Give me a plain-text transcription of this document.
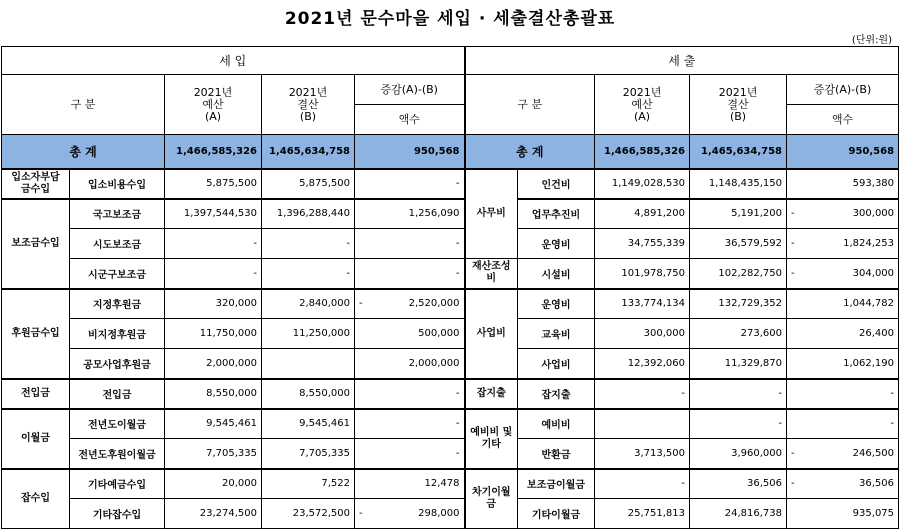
2021년 문수마을 세입 · 세출결산총괄표
(단위:원)
세 입					세 출				
구 분		2021년
예산
(A)	2021년
결산
(B)	증감(A)-(B)	구 분		2021년
예산
(A)	2021년
결산
(B)	증감(A)-(B)
				액수					액수
총 계		1,466,585,326	1,465,634,758	950,568	총 계		1,466,585,326	1,465,634,758	950,568
입소자부담 금수입	입소비용수입	5,875,500	5,875,500	-	사무비	인건비	1,149,028,530	1,148,435,150	593,380

보조금수입	국고보조금	1,397,544,530	1,396,288,440	1,256,090		업무추진비	4,891,200	5,191,200	- 300,000

	시도보조금	-	-	-		운영비	34,755,339	36,579,592	- 1,824,253

	시군구보조금	-	-	-	재산조성비	시설비	101,978,750	102,282,750	- 304,000

후원금수입	지정후원금	320,000	2,840,000	- 2,520,000	사업비	운영비	133,774,134	132,729,352	1,044,782

	비지정후원금	11,750,000	11,250,000	500,000		교육비	300,000	273,600	26,400

	공모사업후원금	2,000,000		2,000,000		사업비	12,392,060	11,329,870	1,062,190

전입금	전입금	8,550,000	8,550,000	-	잡지출	잡지출	-	-	-

이월금	전년도이월금	9,545,461	9,545,461	-	예비비 및 기타	예비비		-	-

	전년도후원이월금	7,705,335	7,705,335	-		반환금	3,713,500	3,960,000	- 246,500

잡수입	기타예금수입	20,000	7,522	12,478	차기이월금	보조금이월금	-	36,506	- 36,506

	기타잡수입	23,274,500	23,572,500	- 298,000		기타이월금	25,751,813	24,816,738	935,075
